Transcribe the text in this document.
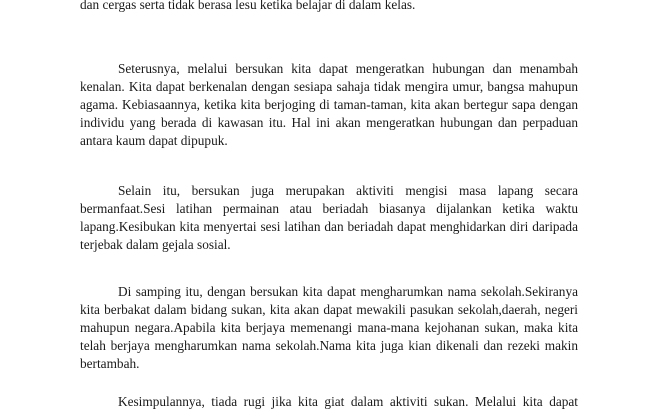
dan cergas serta tidak berasa lesu ketika belajar di dalam kelas.
Seterusnya, melalui bersukan kita dapat mengeratkan hubungan dan menambah
kenalan. Kita dapat berkenalan dengan sesiapa sahaja tidak mengira umur, bangsa mahupun
agama. Kebiasaannya, ketika kita berjoging di taman-taman, kita akan bertegur sapa dengan
individu yang berada di kawasan itu. Hal ini akan mengeratkan hubungan dan perpaduan
antara kaum dapat dipupuk.
Selain itu, bersukan juga merupakan aktiviti mengisi masa lapang secara
bermanfaat.Sesi latihan permainan atau beriadah biasanya dijalankan ketika waktu
lapang.Kesibukan kita menyertai sesi latihan dan beriadah dapat menghidarkan diri daripada
terjebak dalam gejala sosial.
Di samping itu, dengan bersukan kita dapat mengharumkan nama sekolah.Sekiranya
kita berbakat dalam bidang sukan, kita akan dapat mewakili pasukan sekolah,daerah, negeri
mahupun negara.Apabila kita berjaya memenangi mana-mana kejohanan sukan, maka kita
telah berjaya mengharumkan nama sekolah.Nama kita juga kian dikenali dan rezeki makin
bertambah.
Kesimpulannya, tiada rugi jika kita giat dalam aktiviti sukan. Melalui kita dapat
